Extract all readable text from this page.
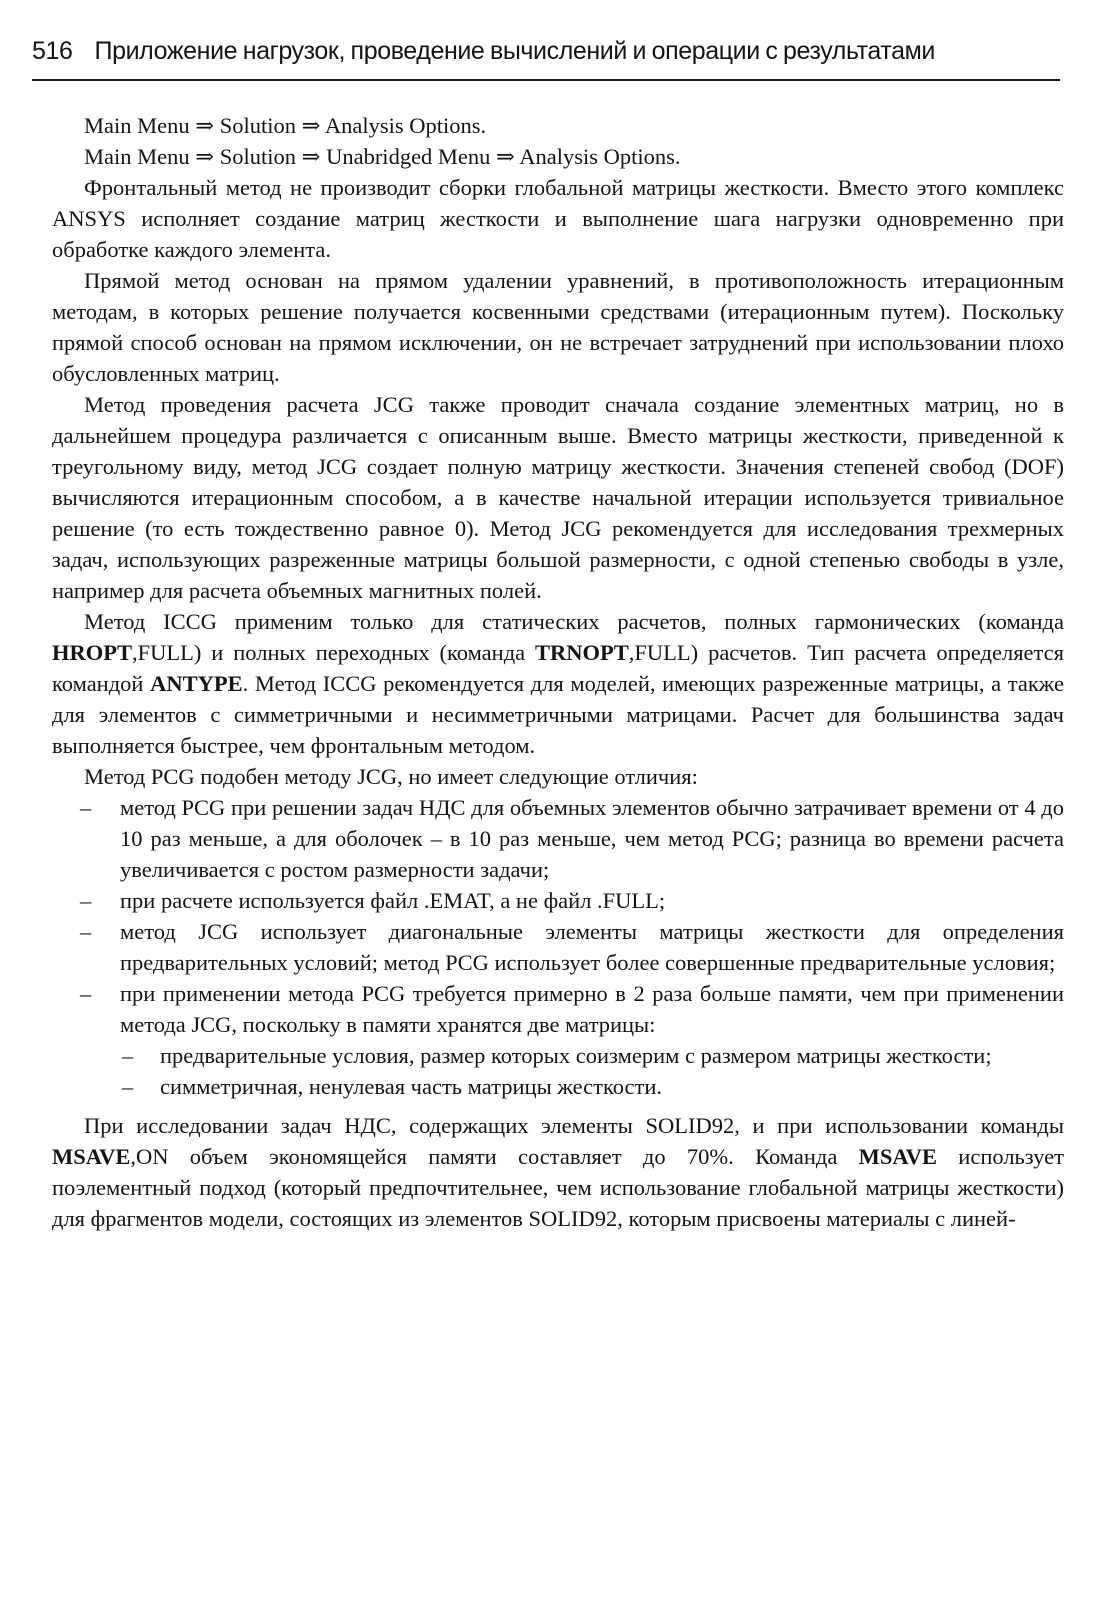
516 Приложение нагрузок, проведение вычислений и операции с результатами

Main Menu ⇒ Solution ⇒ Analysis Options.

Main Menu ⇒ Solution ⇒ Unabridged Menu ⇒ Analysis Options.

Фронтальный метод не производит сборки глобальной матрицы жесткости. Вместо этого комплекс ANSYS исполняет создание матриц жесткости и выполнение шага нагрузки одновременно при обработке каждого элемента.

Прямой метод основан на прямом удалении уравнений, в противоположность итерационным методам, в которых решение получается косвенными средствами (итерационным путем). Поскольку прямой способ основан на прямом исключении, он не встречает затруднений при использовании плохо обусловленных матриц.

Метод проведения расчета JCG также проводит сначала создание элементных матриц, но в дальнейшем процедура различается с описанным выше. Вместо матрицы жесткости, приведенной к треугольному виду, метод JCG создает полную матрицу жесткости. Значения степеней свобод (DOF) вычисляются итерационным способом, а в качестве начальной итерации используется тривиальное решение (то есть тождественно равное 0). Метод JCG рекомендуется для исследования трехмерных задач, использующих разреженные матрицы большой размерности, с одной степенью свободы в узле, например для расчета объемных магнитных полей.

Метод ICCG применим только для статических расчетов, полных гармонических (команда HROPT,FULL) и полных переходных (команда TRNOPT,FULL) расчетов. Тип расчета определяется командой ANTYPE. Метод ICCG рекомендуется для моделей, имеющих разреженные матрицы, а также для элементов с симметричными и несимметричными матрицами. Расчет для большинства задач выполняется быстрее, чем фронтальным методом.

Метод PCG подобен методу JCG, но имеет следующие отличия:

– метод PCG при решении задач НДС для объемных элементов обычно затрачивает времени от 4 до 10 раз меньше, а для оболочек – в 10 раз меньше, чем метод PCG; разница во времени расчета увеличивается с ростом размерности задачи;

– при расчете используется файл .EMAT, а не файл .FULL;

– метод JCG использует диагональные элементы матрицы жесткости для определения предварительных условий; метод PCG использует более совершенные предварительные условия;

– при применении метода PCG требуется примерно в 2 раза больше памяти, чем при применении метода JCG, поскольку в памяти хранятся две матрицы:

– предварительные условия, размер которых соизмерим с размером матрицы жесткости;

– симметричная, ненулевая часть матрицы жесткости.

При исследовании задач НДС, содержащих элементы SOLID92, и при использовании команды MSAVE,ON объем экономящейся памяти составляет до 70%. Команда MSAVE использует поэлементный подход (который предпочтительнее, чем использование глобальной матрицы жесткости) для фрагментов модели, состоящих из элементов SOLID92, которым присвоены материалы с линей-
